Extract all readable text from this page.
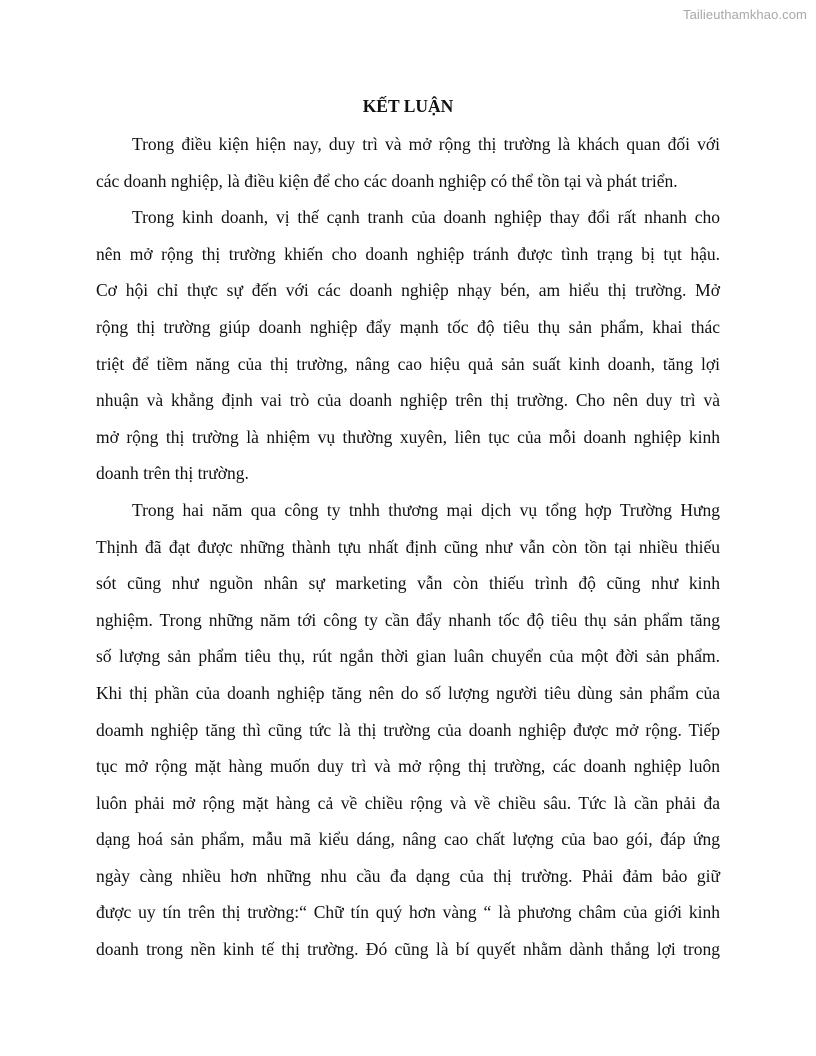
Tailieuthamkhao.com
KẾT LUẬN
Trong điều kiện hiện nay, duy trì và mở rộng thị trường là khách quan đối với
các doanh nghiệp, là điều kiện để cho các doanh nghiệp có thể tồn tại và phát triển.
Trong kinh doanh, vị thế cạnh tranh của doanh nghiệp thay đổi rất nhanh cho
nên mở rộng thị trường khiến cho doanh nghiệp tránh được tình trạng bị tụt hậu.
Cơ hội chỉ thực sự đến với các doanh nghiệp nhạy bén, am hiểu thị trường. Mở
rộng thị trường giúp doanh nghiệp đẩy mạnh tốc độ tiêu thụ sản phẩm, khai thác
triệt để tiềm năng của thị trường, nâng cao hiệu quả sản suất kinh doanh, tăng lợi
nhuận và khẳng định vai trò của doanh nghiệp trên thị trường. Cho nên duy trì và
mở rộng thị trường là nhiệm vụ thường xuyên, liên tục của mỗi doanh nghiệp kinh
doanh trên thị trường.
Trong hai năm qua công ty tnhh thương mại dịch vụ tổng hợp Trường Hưng
Thịnh đã đạt được những thành tựu nhất định cũng như vẫn còn tồn tại nhiều thiếu
sót cũng như nguồn nhân sự marketing vẫn còn thiếu trình độ cũng như kinh
nghiệm. Trong những năm tới công ty cần đẩy nhanh tốc độ tiêu thụ sản phẩm tăng
số lượng sản phẩm tiêu thụ, rút ngắn thời gian luân chuyển của một đời sản phẩm.
Khi thị phần của doanh nghiệp tăng nên do số lượng người tiêu dùng sản phẩm của
doamh nghiệp tăng thì cũng tức là thị trường của doanh nghiệp được mở rộng. Tiếp
tục mở rộng mặt hàng muốn duy trì và mở rộng thị trường, các doanh nghiệp luôn
luôn phải mở rộng mặt hàng cả về chiều rộng và về chiều sâu. Tức là cần phải đa
dạng hoá sản phẩm, mẫu mã kiểu dáng, nâng cao chất lượng của bao gói, đáp ứng
ngày càng nhiều hơn những nhu cầu đa dạng của thị trường. Phải đảm bảo giữ
được uy tín trên thị trường:“ Chữ tín quý hơn vàng “ là phương châm của giới kinh
doanh trong nền kinh tế thị trường. Đó cũng là bí quyết nhằm dành thắng lợi trong
